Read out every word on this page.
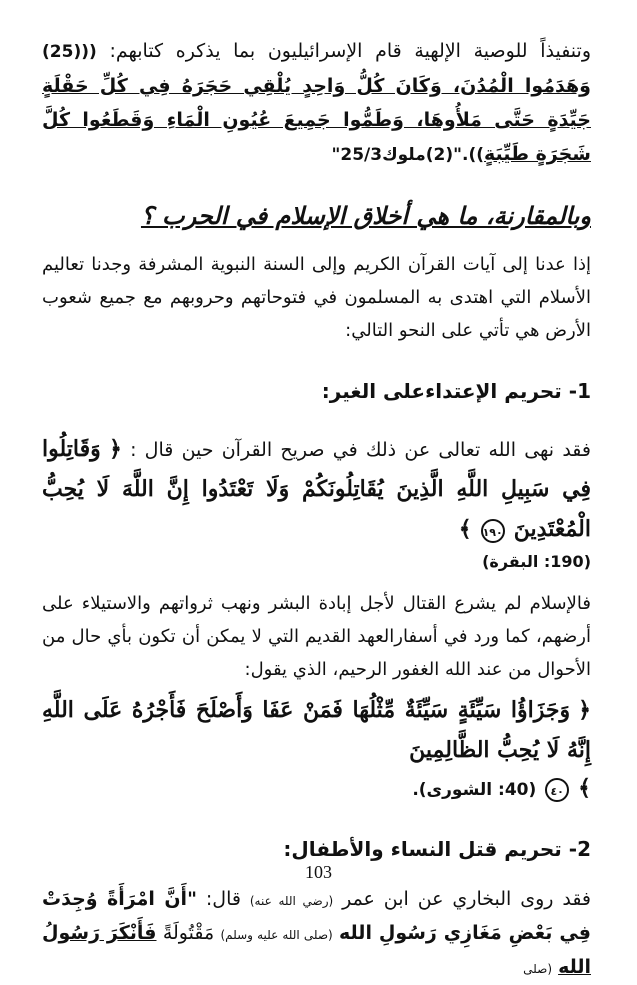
وتنفيذاً للوصية الإلهية قام الإسرائيليون بما يذكره كتابهم: (((25) وَهَدَمُوا الْمُدُنَ، وَكَانَ كُلُّ وَاحِدٍ يُلْقِي حَجَرَهُ فِي كُلِّ حَقْلَةٍ جَيِّدَةٍ حَتَّى مَلأُوهَا، وَطَمُّوا جَمِيعَ عُيُونِ الْمَاءِ وَقَطَعُوا كُلَّ شَجَرَةٍ طَيِّبَةٍ))."(2)ملوك25/3"

وبالمقارنة، ما هي أخلاق الإسلام في الحرب ؟

إذا عدنا إلى آيات القرآن الكريم وإلى السنة النبوية المشرفة وجدنا تعاليم الأسلام التي اهتدى به المسلمون في فتوحاتهم وحروبهم مع جميع شعوب الأرض هي تأتي على النحو التالي:

1- تحريم الإعتداءعلى الغير:

فقد نهى الله تعالى عن ذلك في صريح القرآن حين قال : ﴿ وَقَاتِلُوا فِي سَبِيلِ اللَّهِ الَّذِينَ يُقَاتِلُونَكُمْ وَلَا تَعْتَدُوا إِنَّ اللَّهَ لَا يُحِبُّ الْمُعْتَدِينَ ١٩٠ ﴾

(190: البقرة)

فالإسلام لم يشرع القتال لأجل إبادة البشر ونهب ثرواتهم والاستيلاء على أرضهم، كما ورد في أسفارالعهد القديم التي لا يمكن أن تكون بأي حال من الأحوال من عند الله الغفور الرحيم، الذي يقول:

﴿ وَجَزَاؤُا سَيِّئَةٍ سَيِّئَةٌ مِّثْلُهَا فَمَنْ عَفَا وَأَصْلَحَ فَأَجْرُهُ عَلَى اللَّهِ إِنَّهُ لَا يُحِبُّ الظَّالِمِينَ

﴾ ٤٠ (40: الشورى).

2- تحريم قتل النساء والأطفال:

فقد روى البخاري عن ابن عمر (رضي الله عنه) قال: "أَنَّ امْرَأَةً وُجِدَتْ فِي بَعْضِ مَغَازِي رَسُولِ الله (صلى الله عليه وسلم) مَقْتُولَةً فَأَنْكَرَ رَسُولُ الله (صلى

103
